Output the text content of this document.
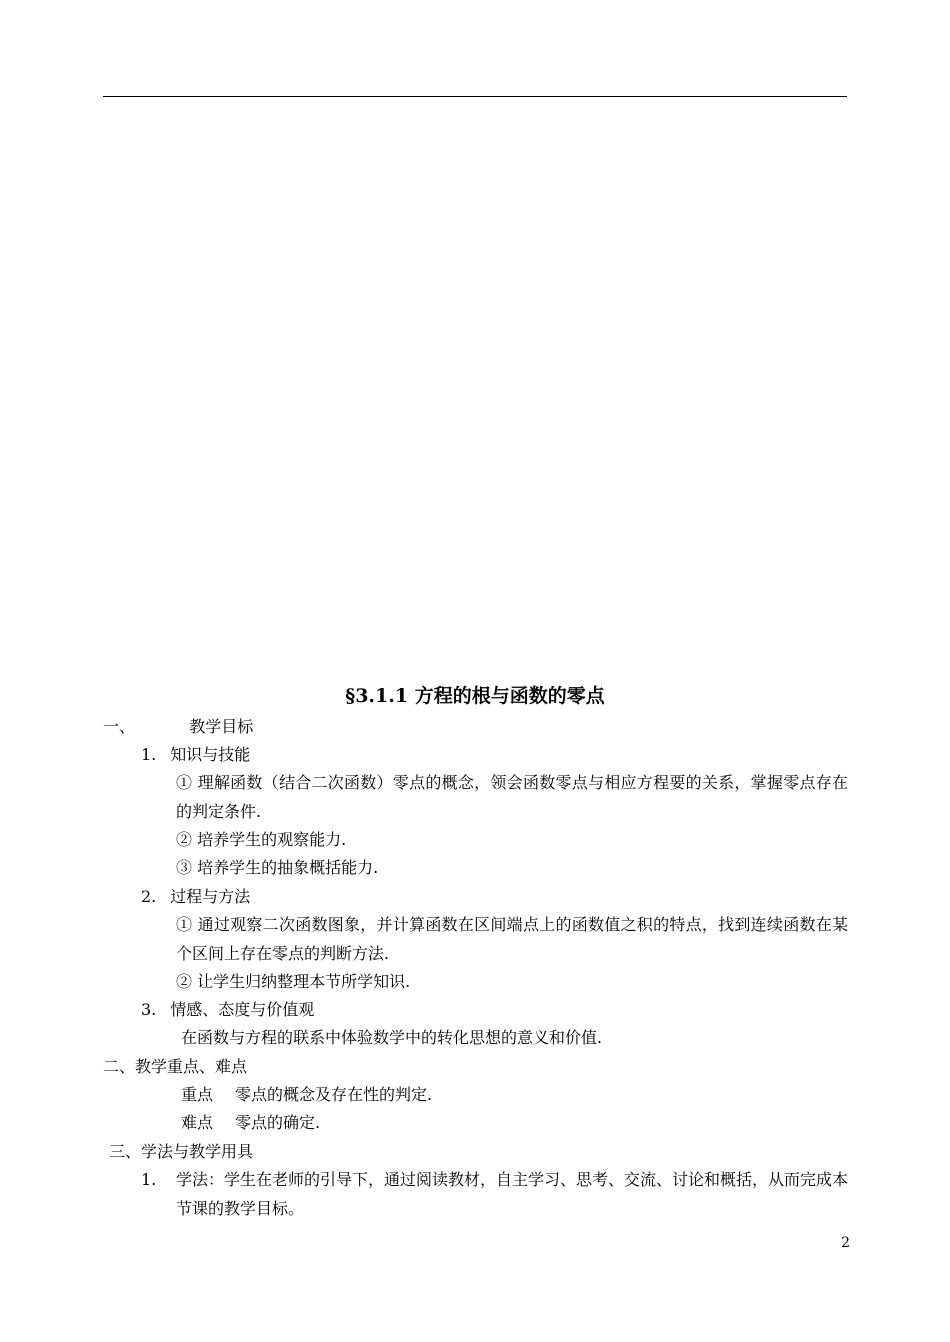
§3.1.1 方程的根与函数的零点
一、	教学目标
1. 知识与技能
① 理解函数（结合二次函数）零点的概念，领会函数零点与相应方程要的关系，掌握零点存在的判定条件.
② 培养学生的观察能力.
③ 培养学生的抽象概括能力.
2. 过程与方法
① 通过观察二次函数图象，并计算函数在区间端点上的函数值之积的特点，找到连续函数在某个区间上存在零点的判断方法.
② 让学生归纳整理本节所学知识.
3. 情感、态度与价值观
在函数与方程的联系中体验数学中的转化思想的意义和价值.
二、教学重点、难点
重点 零点的概念及存在性的判定.
难点 零点的确定.
三、学法与教学用具
1. 学法：学生在老师的引导下，通过阅读教材，自主学习、思考、交流、讨论和概括，从而完成本节课的教学目标。
2
